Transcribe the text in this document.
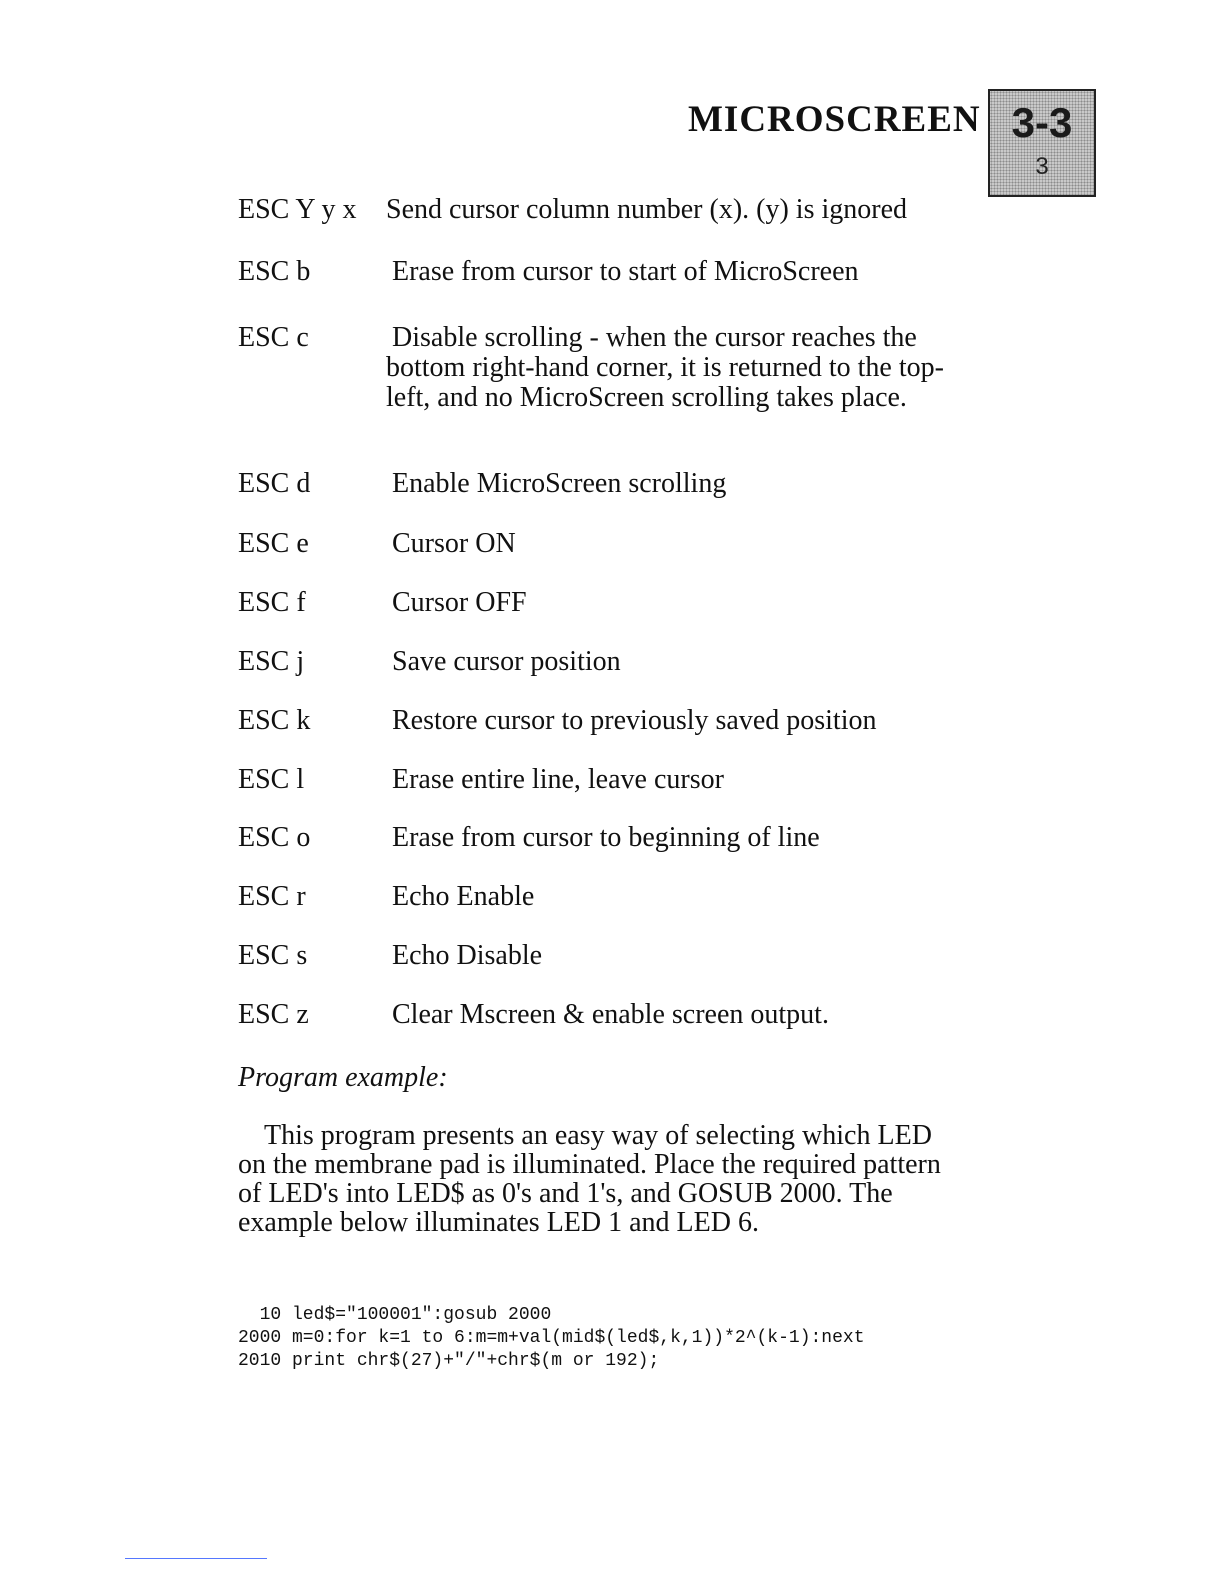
MICROSCREEN 3-3
3
ESC Y y x Send cursor column number (x). (y) is ignored
ESC b	Erase from cursor to start of MicroScreen
ESC c	Disable scrolling - when the cursor reaches the bottom right-hand corner, it is returned to the top-left, and no MicroScreen scrolling takes place.
ESC d	Enable MicroScreen scrolling
ESC e	Cursor ON
ESC f	Cursor OFF
ESC j	Save cursor position
ESC k	Restore cursor to previously saved position
ESC l	Erase entire line, leave cursor
ESC o	Erase from cursor to beginning of line
ESC r	Echo Enable
ESC s	Echo Disable
ESC z	Clear Mscreen & enable screen output.
Program example:
This program presents an easy way of selecting which LED on the membrane pad is illuminated. Place the required pattern of LED's into LED$ as 0's and 1's, and GOSUB 2000. The example below illuminates LED 1 and LED 6.
10 led$="100001":gosub 2000
2000 m=0:for k=1 to 6:m=m+val(mid$(led$,k,1))*2^(k-1):next
2010 print chr$(27)+"/"+chr$(m or 192);
